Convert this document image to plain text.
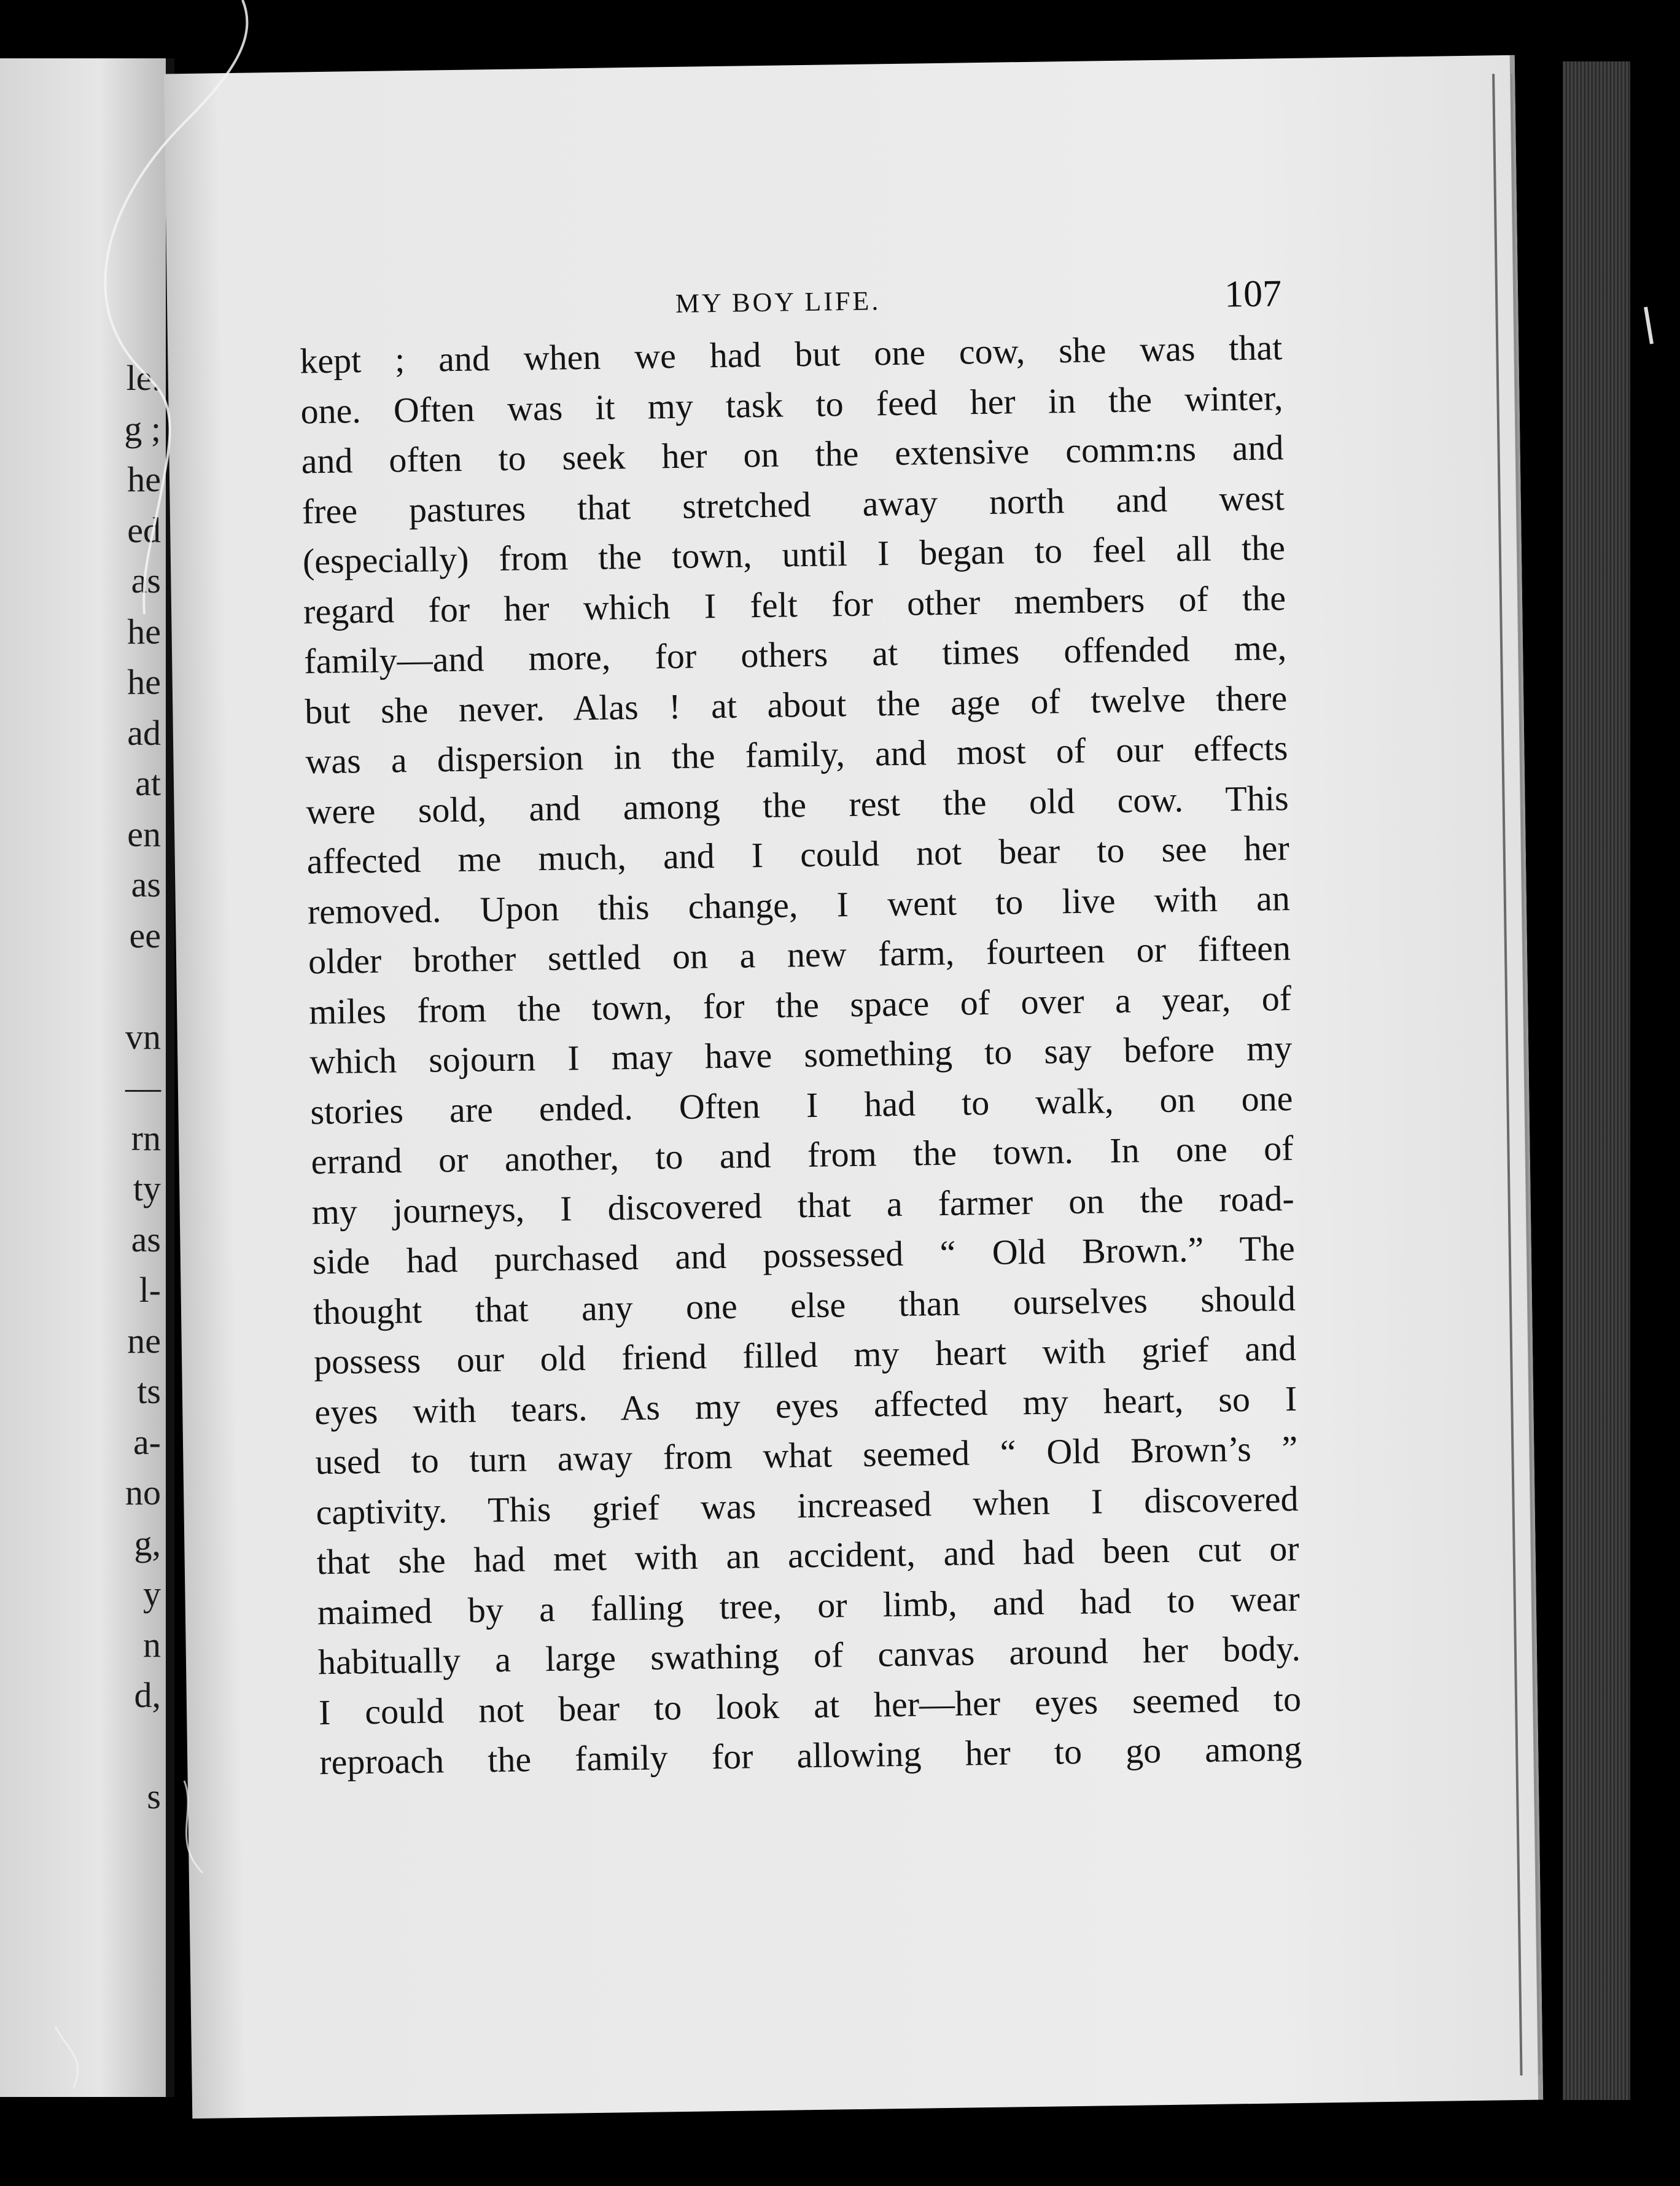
le.
g ;
he
ed
as
he
he
ad
at
en
as
ee
vn
—
rn
ty
as
l-
ne
ts
a-
no
g,
y
n
d,
s
MY BOY LIFE.	107
kept ; and when we had but one cow, she was that
one. Often was it my task to feed her in the winter,
and often to seek her on the extensive comm:ns and
free pastures that stretched away north and west
(especially) from the town, until I began to feel all the
regard for her which I felt for other members of the
family—and more, for others at times offended me,
but she never. Alas ! at about the age of twelve there
was a dispersion in the family, and most of our effects
were sold, and among the rest the old cow. This
affected me much, and I could not bear to see her
removed. Upon this change, I went to live with an
older brother settled on a new farm, fourteen or fifteen
miles from the town, for the space of over a year, of
which sojourn I may have something to say before my
stories are ended. Often I had to walk, on one
errand or another, to and from the town. In one of
my journeys, I discovered that a farmer on the road-
side had purchased and possessed “ Old Brown.” The
thought that any one else than ourselves should
possess our old friend filled my heart with grief and
eyes with tears. As my eyes affected my heart, so I
used to turn away from what seemed “ Old Brown’s ”
captivity. This grief was increased when I discovered
that she had met with an accident, and had been cut or
maimed by a falling tree, or limb, and had to wear
habitually a large swathing of canvas around her body.
I could not bear to look at her—her eyes seemed to
reproach the family for allowing her to go among
